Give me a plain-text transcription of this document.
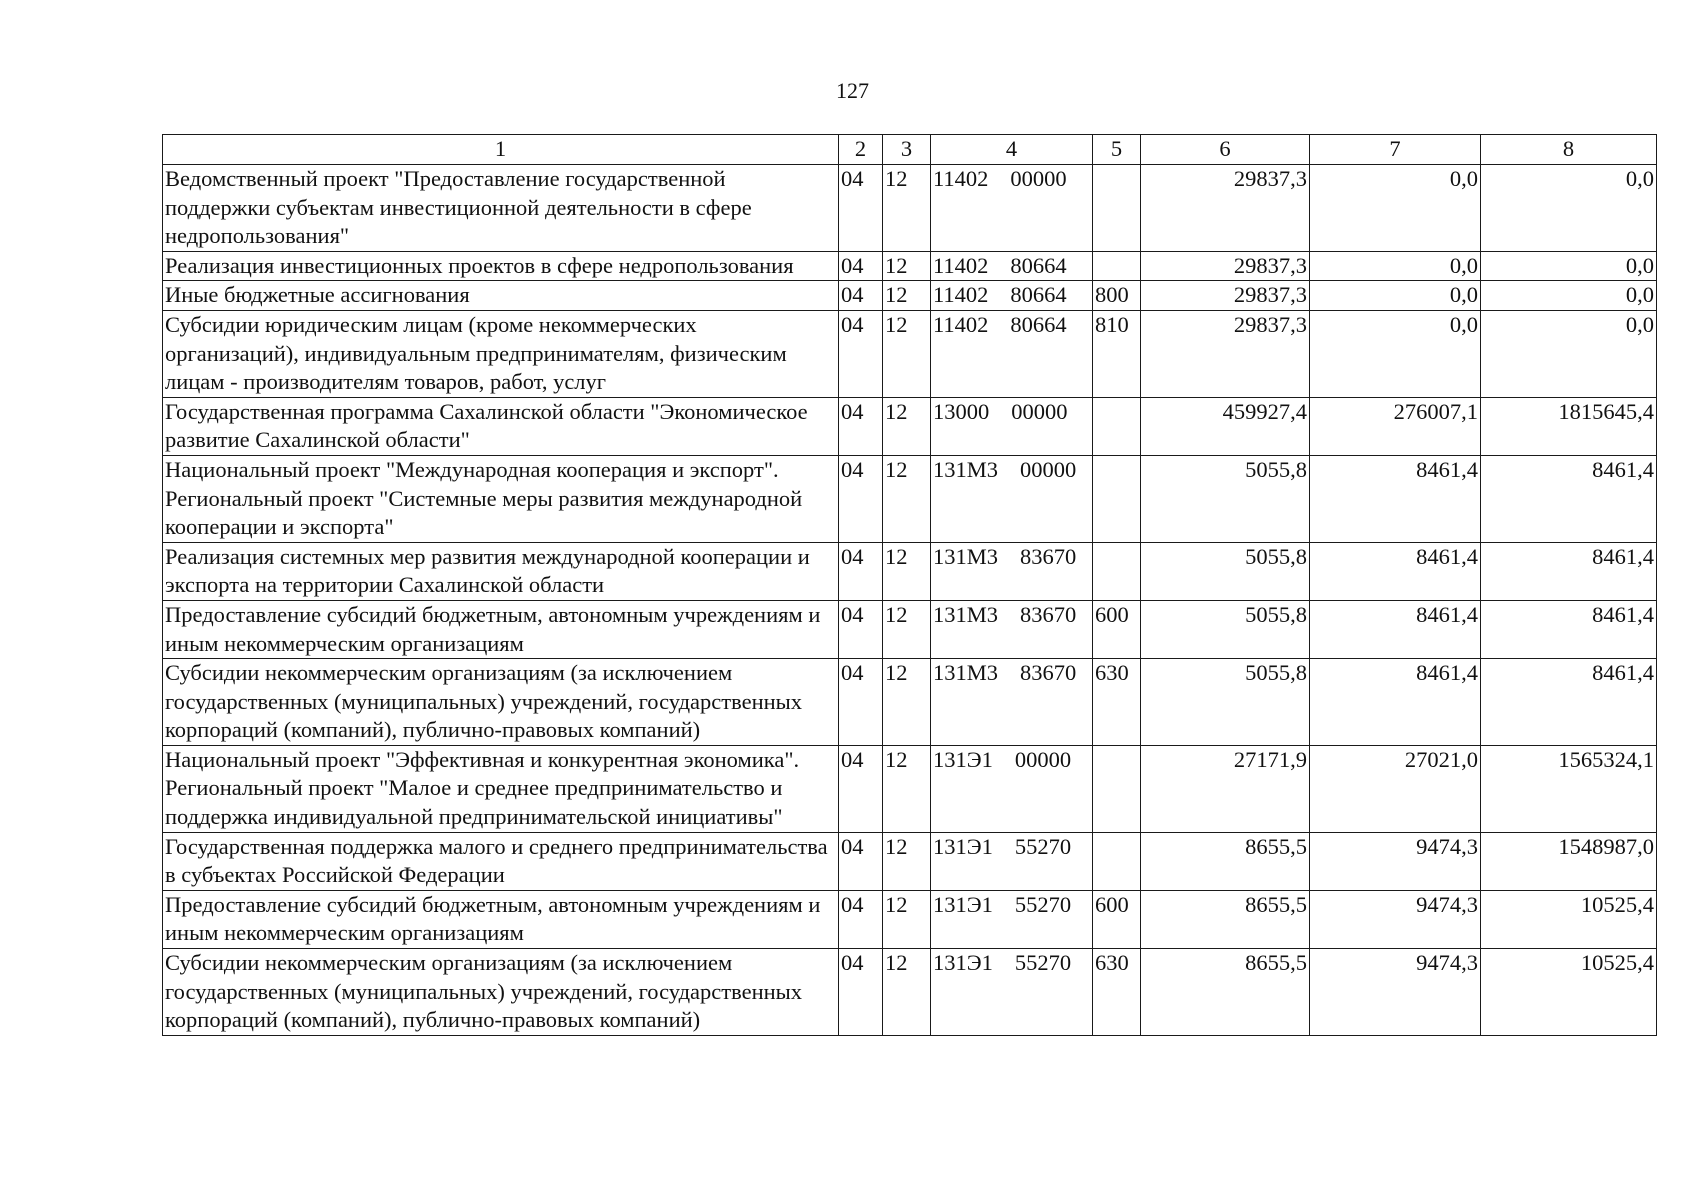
127
1	2	3	4	5	6	7	8
Ведомственный проект "Предоставление государственной поддержки субъектам инвестиционной деятельности в сфере недропользования"	04	12	11402 00000		29837,3	0,0	0,0
Реализация инвестиционных проектов в сфере недропользования	04	12	11402 80664		29837,3	0,0	0,0
Иные бюджетные ассигнования	04	12	11402 80664	800	29837,3	0,0	0,0
Субсидии юридическим лицам (кроме некоммерческих организаций), индивидуальным предпринимателям, физическим лицам - производителям товаров, работ, услуг	04	12	11402 80664	810	29837,3	0,0	0,0
Государственная программа Сахалинской области "Экономическое развитие Сахалинской области"	04	12	13000 00000		459927,4	276007,1	1815645,4
Национальный проект "Международная кооперация и экспорт". Региональный проект "Системные меры развития международной кооперации и экспорта"	04	12	131М3 00000		5055,8	8461,4	8461,4
Реализация системных мер развития международной кооперации и экспорта на территории Сахалинской области	04	12	131М3 83670		5055,8	8461,4	8461,4
Предоставление субсидий бюджетным, автономным учреждениям и иным некоммерческим организациям	04	12	131М3 83670	600	5055,8	8461,4	8461,4
Субсидии некоммерческим организациям (за исключением государственных (муниципальных) учреждений, государственных корпораций (компаний), публично-правовых компаний)	04	12	131М3 83670	630	5055,8	8461,4	8461,4
Национальный проект "Эффективная и конкурентная экономика". Региональный проект "Малое и среднее предпринимательство и поддержка индивидуальной предпринимательской инициативы"	04	12	131Э1 00000		27171,9	27021,0	1565324,1
Государственная поддержка малого и среднего предпринимательства в субъектах Российской Федерации	04	12	131Э1 55270		8655,5	9474,3	1548987,0
Предоставление субсидий бюджетным, автономным учреждениям и иным некоммерческим организациям	04	12	131Э1 55270	600	8655,5	9474,3	10525,4
Субсидии некоммерческим организациям (за исключением государственных (муниципальных) учреждений, государственных корпораций (компаний), публично-правовых компаний)	04	12	131Э1 55270	630	8655,5	9474,3	10525,4
